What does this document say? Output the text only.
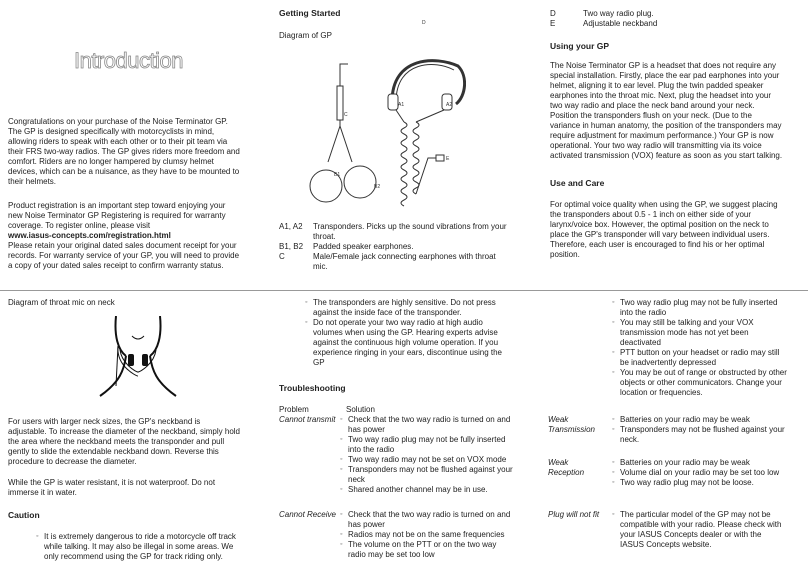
Introduction
Congratulations on your purchase of the Noise Terminator GP.
The GP is designed specifically with motorcyclists in mind,
allowing riders to speak with each other or to their pit team via
their FRS two-way radios. The GP gives riders more freedom and
comfort. Riders are no longer hampered by clumsy helmet
devices, which can be a nuisance, as they have to be mounted to
their helmets.
Product registration is an important step toward enjoying your
new Noise Terminator GP Registering is required for warranty
coverage. To register online, please visit
www.iasus-concepts.com/registration.html
Please retain your original dated sales document receipt for your
records. For warranty service of your GP, you will need to provide
a copy of your dated sales receipt to confirm warranty status.
Getting Started
Diagram of GP
D
A1	A2
C
E
B1
B2
A1, A2 Transponders. Picks up the sound vibrations from your
throat.
B1, B2 Padded speaker earphones.
C	Male/Female jack connecting earphones with throat
mic.
D	Two way radio plug.
E	Adjustable neckband
Using your GP
The Noise Terminator GP is a headset that does not require any
special installation. Firstly, place the ear pad earphones into your
helmet, aligning it to ear level. Plug the twin padded speaker
earphones into the throat mic. Next, plug the headset into your
two way radio and place the neck band around your neck.
Position the transponders flush on your neck. (Due to the
variance in human anatomy, the position of the transponders may
require adjustment for maximum performance.) Your GP is now
operational. Your two way radio will transmitting via its voice
activated transmission (VOX) feature as soon as you start talking.
Use and Care
For optimal voice quality when using the GP, we suggest placing
the transponders about 0.5 - 1 inch on either side of your
larynx/voice box. However, the optimal position on the neck to
place the GP's transponder will vary between individual users.
Therefore, each user is encouraged to find his or her optimal
position.
Diagram of throat mic on neck
For users with larger neck sizes, the GP's neckband is
adjustable. To increase the diameter of the neckband, simply hold
the area where the neckband meets the transponder and pull
gently to slide the extendable neckband down. Reverse this
procedure to decrease the diameter.
While the GP is water resistant, it is not waterproof. Do not
immerse it in water.
Caution
◦ It is extremely dangerous to ride a motorcycle off track
while talking. It may also be illegal in some areas. We
only recommend using the GP for track riding only.
◦ The transponders are highly sensitive. Do not press
against the inside face of the transponder.
◦ Do not operate your two way radio at high audio
volumes when using the GP. Hearing experts advise
against the continuous high volume operation. If you
experience ringing in your ears, discontinue using the
GP
Troubleshooting
Problem	Solution
Cannot transmit ◦ Check that the two way radio is turned on and
has power
◦ Two way radio plug may not be fully inserted
into the radio
◦ Two way radio may not be set on VOX mode
◦ Transponders may not be flushed against your
neck
◦ Shared another channel may be in use.
Cannot Receive ◦ Check that the two way radio is turned on and
has power
◦ Radios may not be on the same frequencies
◦ The volume on the PTT or on the two way
radio may be set too low
◦ Two way radio plug may not be fully inserted
into the radio
◦ You may still be talking and your VOX
transmission mode has not yet been
deactivated
◦ PTT button on your headset or radio may still
be inadvertently depressed
◦ You may be out of range or obstructed by other
objects or other communicators. Change your
location or frequencies.
Weak
Transmission
◦ Batteries on your radio may be weak
◦ Transponders may not be flushed against your
neck.
Weak
Reception
◦ Batteries on your radio may be weak
◦ Volume dial on your radio may be set too low
◦ Two way radio plug may not be loose.
Plug will not fit	◦ The particular model of the GP may not be
compatible with your radio. Please check with
your IASUS Concepts dealer or with the
IASUS Concepts website.
